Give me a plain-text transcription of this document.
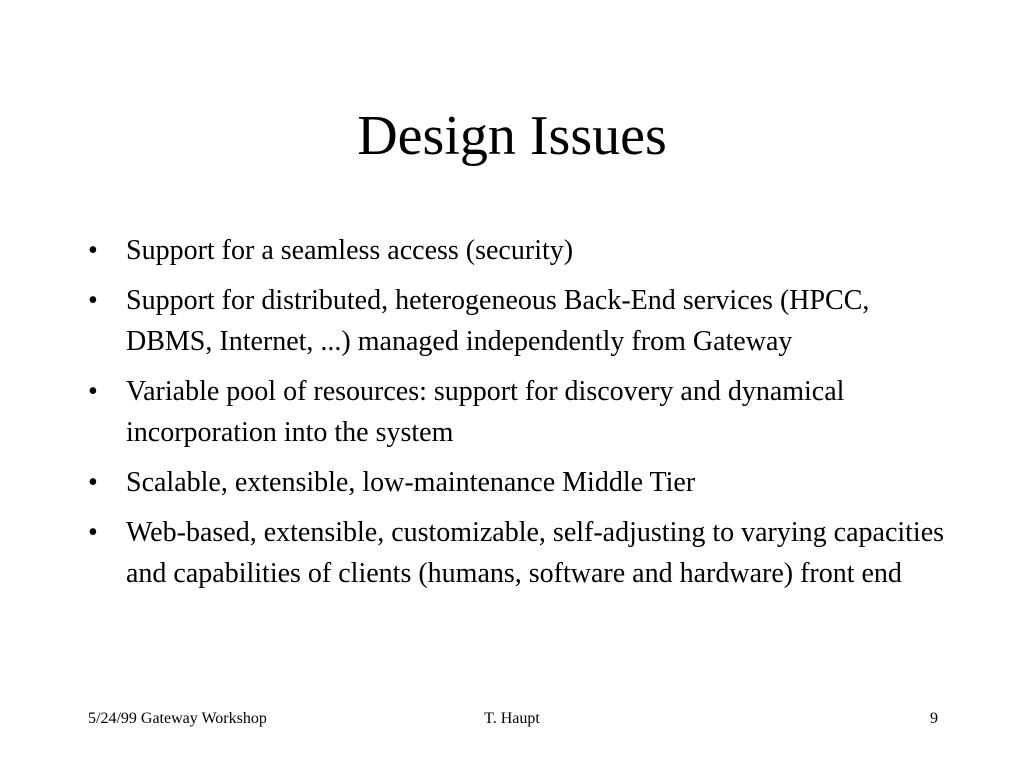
Design Issues
• Support for a seamless access (security)
• Support for distributed, heterogeneous Back-End services (HPCC, DBMS, Internet, ...) managed independently from Gateway
• Variable pool of resources: support for discovery and dynamical incorporation into the system
• Scalable, extensible, low-maintenance Middle Tier
• Web-based, extensible, customizable, self-adjusting to varying capacities and capabilities of clients (humans, software and hardware) front end
5/24/99 Gateway Workshop	T. Haupt	9
